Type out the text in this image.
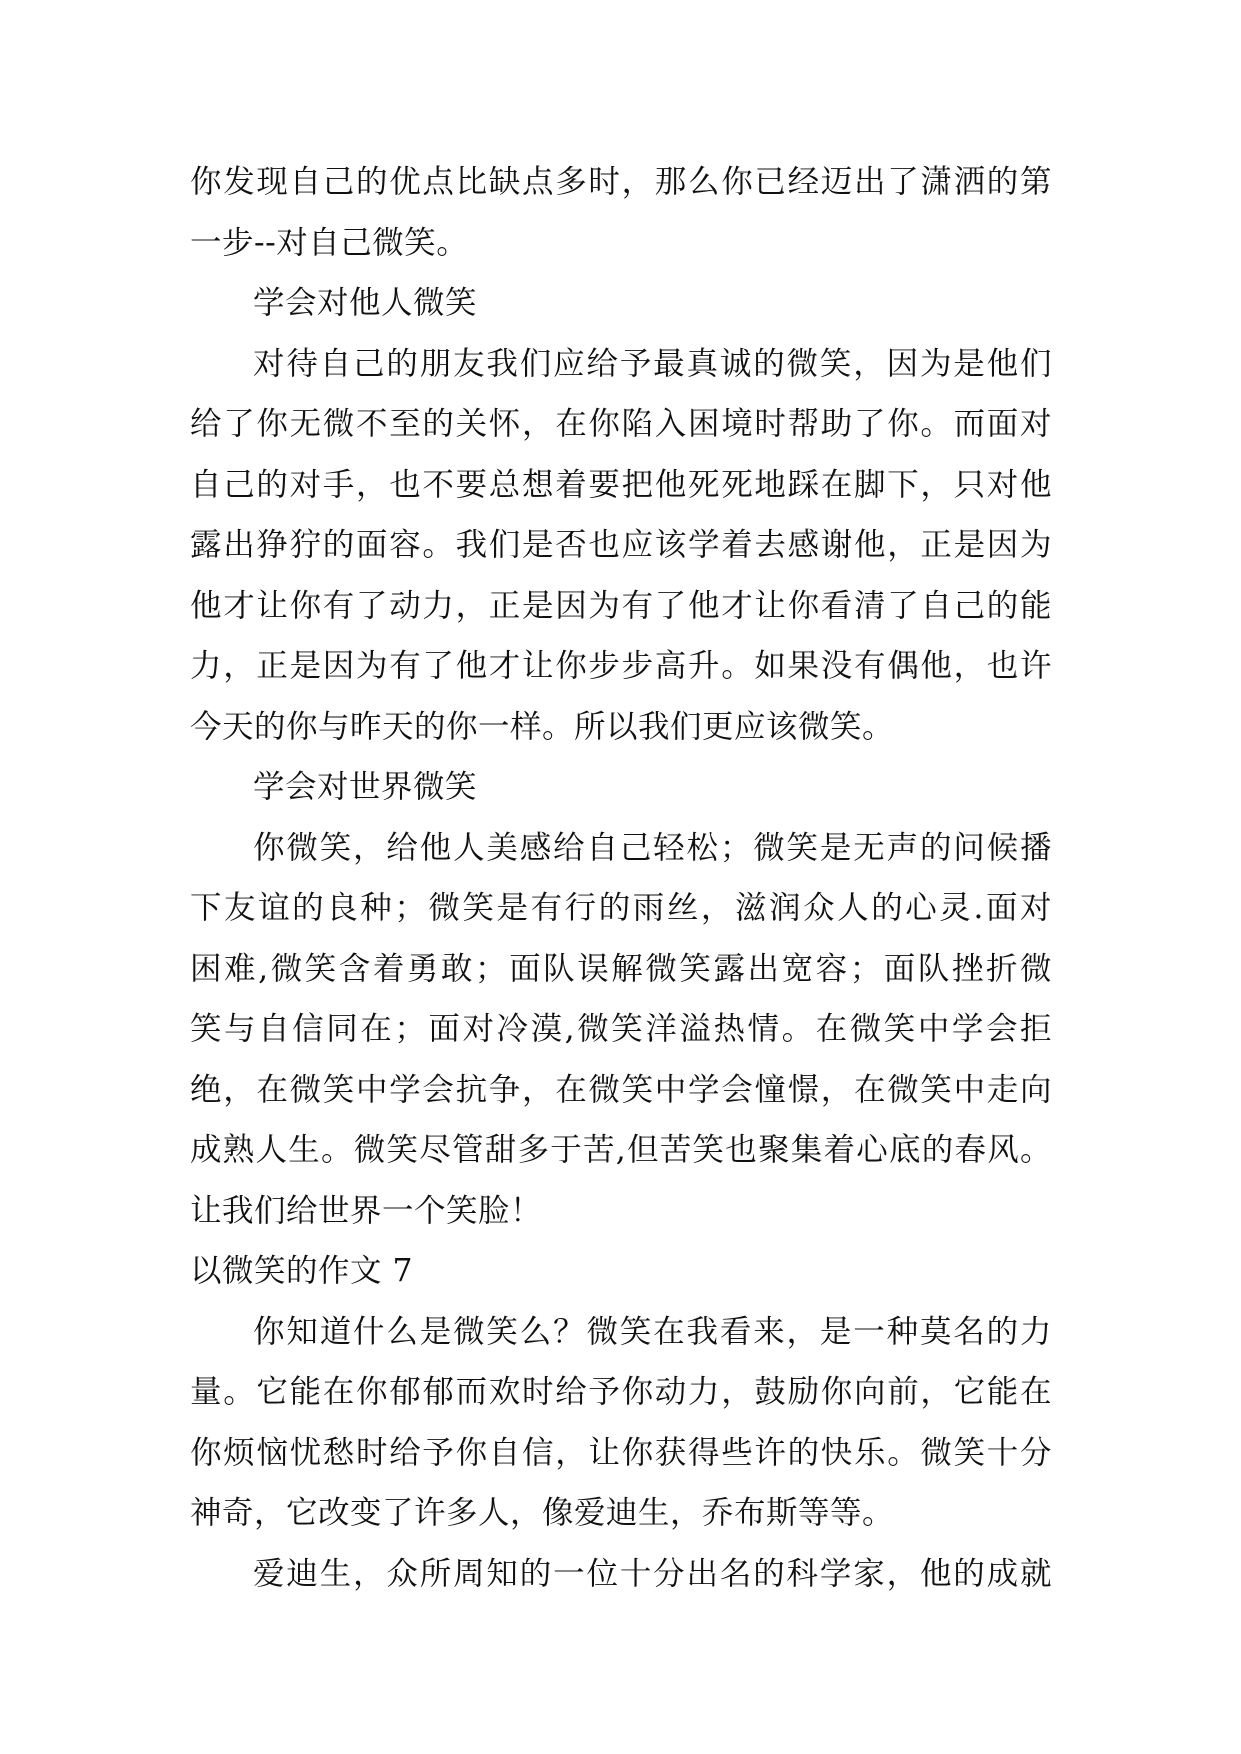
你发现自己的优点比缺点多时，那么你已经迈出了潇洒的第
一步--对自己微笑。
学会对他人微笑
对待自己的朋友我们应给予最真诚的微笑，因为是他们
给了你无微不至的关怀，在你陷入困境时帮助了你。而面对
自己的对手，也不要总想着要把他死死地踩在脚下，只对他
露出狰狞的面容。我们是否也应该学着去感谢他，正是因为
他才让你有了动力，正是因为有了他才让你看清了自己的能
力，正是因为有了他才让你步步高升。如果没有偶他，也许
今天的你与昨天的你一样。所以我们更应该微笑。
学会对世界微笑
你微笑，给他人美感给自己轻松；微笑是无声的问候播
下友谊的良种；微笑是有行的雨丝，滋润众人的心灵.面对
困难,微笑含着勇敢；面队误解微笑露出宽容；面队挫折微
笑与自信同在；面对冷漠,微笑洋溢热情。在微笑中学会拒
绝，在微笑中学会抗争，在微笑中学会憧憬，在微笑中走向
成熟人生。微笑尽管甜多于苦,但苦笑也聚集着心底的春风。
让我们给世界一个笑脸！
以微笑的作文 7
你知道什么是微笑么？微笑在我看来，是一种莫名的力
量。它能在你郁郁而欢时给予你动力，鼓励你向前，它能在
你烦恼忧愁时给予你自信，让你获得些许的快乐。微笑十分
神奇，它改变了许多人，像爱迪生，乔布斯等等。
爱迪生，众所周知的一位十分出名的科学家，他的成就
